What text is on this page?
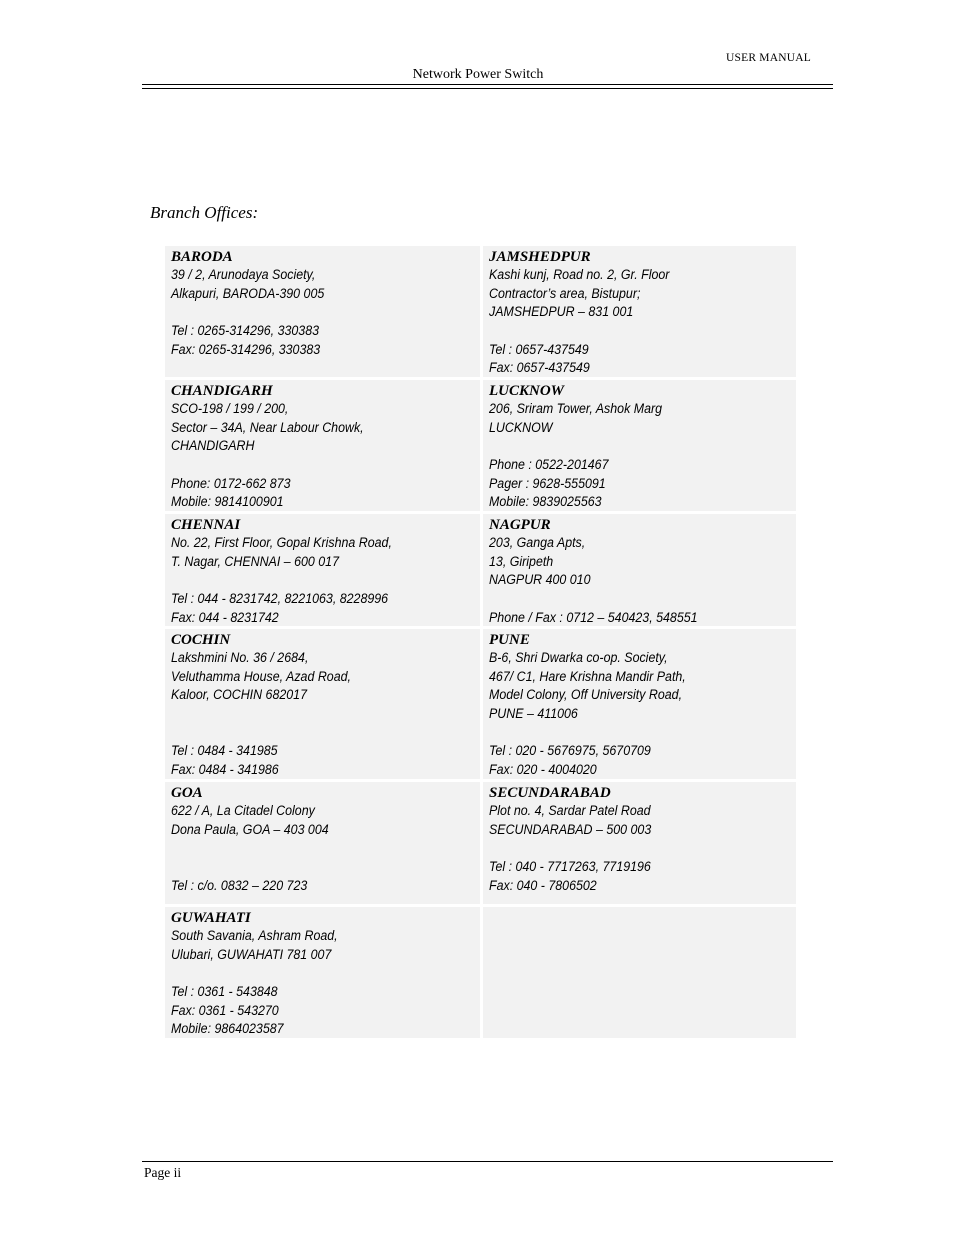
USER MANUAL
Network Power Switch
Branch Offices:
BARODA
39 / 2, Arunodaya Society,
Alkapuri, BARODA-390 005
Tel : 0265-314296, 330383
Fax: 0265-314296, 330383
JAMSHEDPUR
Kashi kunj, Road no. 2, Gr. Floor
Contractor’s area, Bistupur;
JAMSHEDPUR – 831 001
Tel : 0657-437549
Fax: 0657-437549
CHANDIGARH
SCO-198 / 199 / 200,
Sector – 34A, Near Labour Chowk,
CHANDIGARH
Phone: 0172-662 873
Mobile: 9814100901
LUCKNOW
206, Sriram Tower, Ashok Marg
LUCKNOW
Phone : 0522-201467
Pager : 9628-555091
Mobile: 9839025563
CHENNAI
No. 22, First Floor, Gopal Krishna Road,
T. Nagar, CHENNAI – 600 017
Tel : 044 - 8231742, 8221063, 8228996
Fax: 044 - 8231742
NAGPUR
203, Ganga Apts,
13, Giripeth
NAGPUR 400 010
Phone / Fax : 0712 – 540423, 548551
COCHIN
Lakshmini No. 36 / 2684,
Veluthamma House, Azad Road,
Kaloor, COCHIN 682017
Tel : 0484 - 341985
Fax: 0484 - 341986
PUNE
B-6, Shri Dwarka co-op. Society,
467/ C1, Hare Krishna Mandir Path,
Model Colony, Off University Road,
PUNE – 411006
Tel : 020 - 5676975, 5670709
Fax: 020 - 4004020
GOA
622 / A, La Citadel Colony
Dona Paula, GOA – 403 004
Tel : c/o. 0832 – 220 723
SECUNDARABAD
Plot no. 4, Sardar Patel Road
SECUNDARABAD – 500 003
Tel : 040 - 7717263, 7719196
Fax: 040 - 7806502
GUWAHATI
South Savania, Ashram Road,
Ulubari, GUWAHATI 781 007
Tel : 0361 - 543848
Fax: 0361 - 543270
Mobile: 9864023587
Page ii
